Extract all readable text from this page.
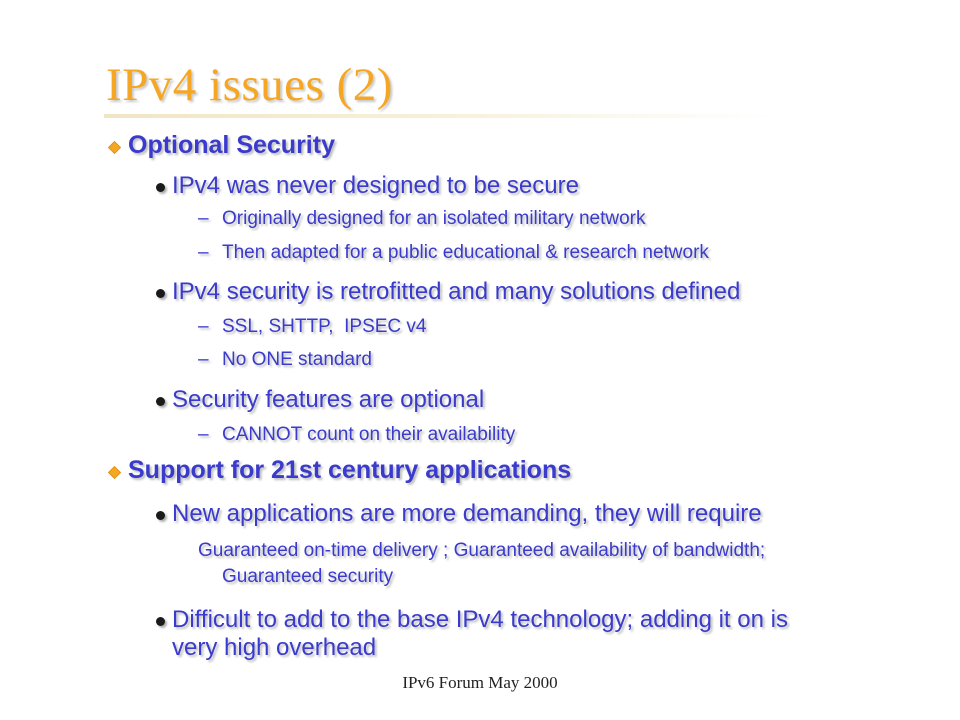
IPv4 issues (2)
Optional Security
IPv4 was never designed to be secure
– Originally designed for an isolated military network
– Then adapted for a public educational & research network
IPv4 security is retrofitted and many solutions defined
– SSL, SHTTP,  IPSEC v4
– No ONE standard
Security features are optional
– CANNOT count on their availability
Support for 21st century applications
New applications are more demanding, they will require
Guaranteed on-time delivery ; Guaranteed availability of bandwidth; Guaranteed security
Difficult to add to the base IPv4 technology; adding it on is
very high overhead
IPv6 Forum May 2000
